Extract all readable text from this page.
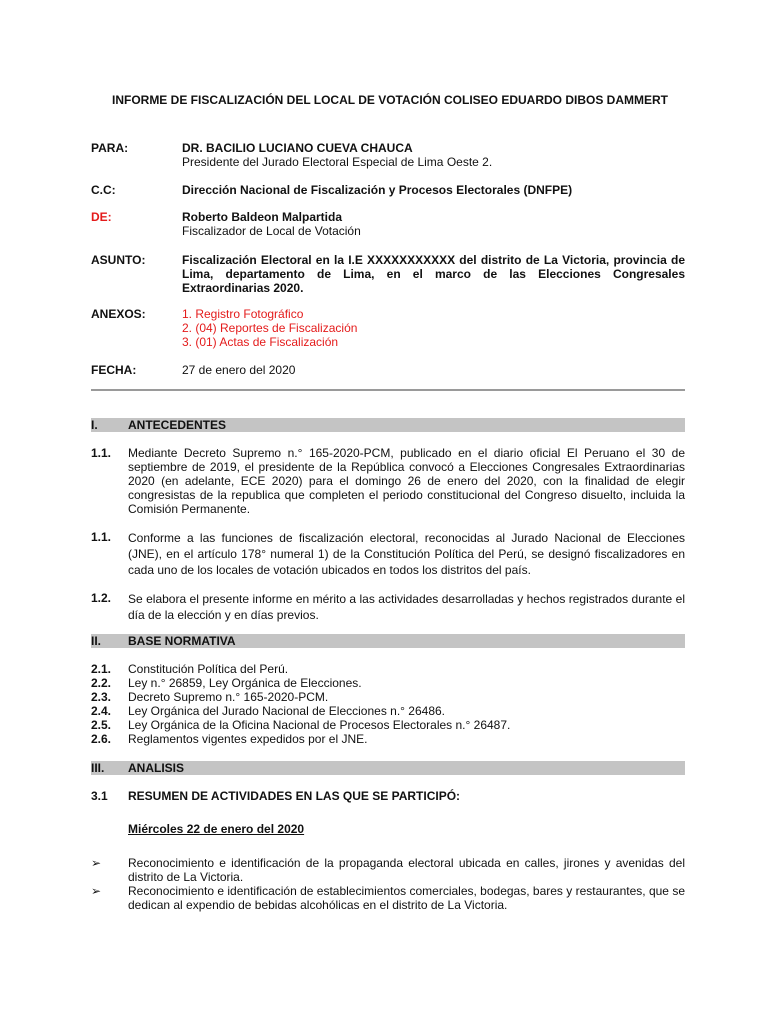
INFORME DE FISCALIZACIÓN DEL LOCAL DE VOTACIÓN COLISEO EDUARDO DIBOS DAMMERT
PARA:	DR. BACILIO LUCIANO CUEVA CHAUCA
Presidente del Jurado Electoral Especial de Lima Oeste 2.
C.C:	Dirección Nacional de Fiscalización y Procesos Electorales (DNFPE)
DE:	Roberto Baldeon Malpartida
Fiscalizador de Local de Votación
ASUNTO:	Fiscalización Electoral en la I.E XXXXXXXXXXX del distrito de La Victoria, provincia de Lima, departamento de Lima, en el marco de las Elecciones Congresales Extraordinarias 2020.
ANEXOS:	1. Registro Fotográfico
2. (04) Reportes de Fiscalización
3. (01) Actas de Fiscalización
FECHA:	27 de enero del 2020
I.	ANTECEDENTES
1.1. Mediante Decreto Supremo n.° 165-2020-PCM, publicado en el diario oficial El Peruano el 30 de septiembre de 2019, el presidente de la República convocó a Elecciones Congresales Extraordinarias 2020 (en adelante, ECE 2020) para el domingo 26 de enero del 2020, con la finalidad de elegir congresistas de la republica que completen el periodo constitucional del Congreso disuelto, incluida la Comisión Permanente.
1.1. Conforme a las funciones de fiscalización electoral, reconocidas al Jurado Nacional de Elecciones (JNE), en el artículo 178° numeral 1) de la Constitución Política del Perú, se designó fiscalizadores en cada uno de los locales de votación ubicados en todos los distritos del país.
1.2. Se elabora el presente informe en mérito a las actividades desarrolladas y hechos registrados durante el día de la elección y en días previos.
II. BASE NORMATIVA
2.1. Constitución Política del Perú.
2.2. Ley n.° 26859, Ley Orgánica de Elecciones.
2.3. Decreto Supremo n.° 165-2020-PCM.
2.4. Ley Orgánica del Jurado Nacional de Elecciones n.° 26486.
2.5. Ley Orgánica de la Oficina Nacional de Procesos Electorales n.° 26487.
2.6. Reglamentos vigentes expedidos por el JNE.
III. ANALISIS
3.1 RESUMEN DE ACTIVIDADES EN LAS QUE SE PARTICIPÓ:
Miércoles 22 de enero del 2020
➢ Reconocimiento e identificación de la propaganda electoral ubicada en calles, jirones y avenidas del distrito de La Victoria.
➢ Reconocimiento e identificación de establecimientos comerciales, bodegas, bares y restaurantes, que se dedican al expendio de bebidas alcohólicas en el distrito de La Victoria.
